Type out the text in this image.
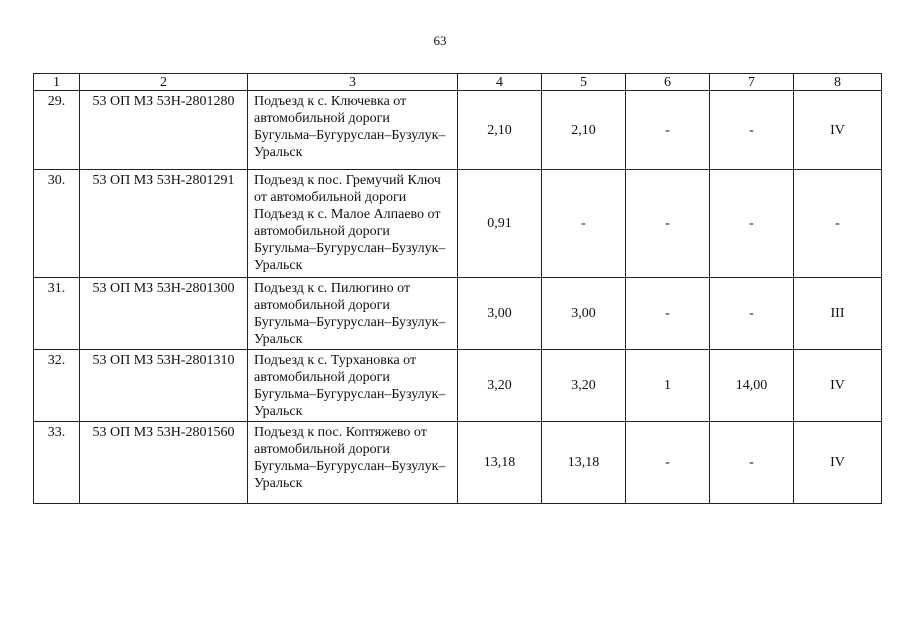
63
1	2	3	4	5	6	7	8
29.	53 ОП МЗ 53Н-2801280	Подъезд к с. Ключевка от автомобильной дороги Бугульма–Бугуруслан–Бузулук–Уральск	2,10	2,10	-	-	IV
30.	53 ОП МЗ 53Н-2801291	Подъезд к пос. Гремучий Ключ от автомобильной дороги Подъезд к с. Малое Алпаево от автомобильной дороги Бугульма–Бугуруслан–Бузулук–Уральск	0,91	-	-	-	-
31.	53 ОП МЗ 53Н-2801300	Подъезд к с. Пилюгино от автомобильной дороги Бугульма–Бугуруслан–Бузулук–Уральск	3,00	3,00	-	-	III
32.	53 ОП МЗ 53Н-2801310	Подъезд к с. Турхановка от автомобильной дороги Бугульма–Бугуруслан–Бузулук–Уральск	3,20	3,20	1	14,00	IV
33.	53 ОП МЗ 53Н-2801560	Подъезд к пос. Коптяжево от автомобильной дороги Бугульма–Бугуруслан–Бузулук–Уральск	13,18	13,18	-	-	IV
